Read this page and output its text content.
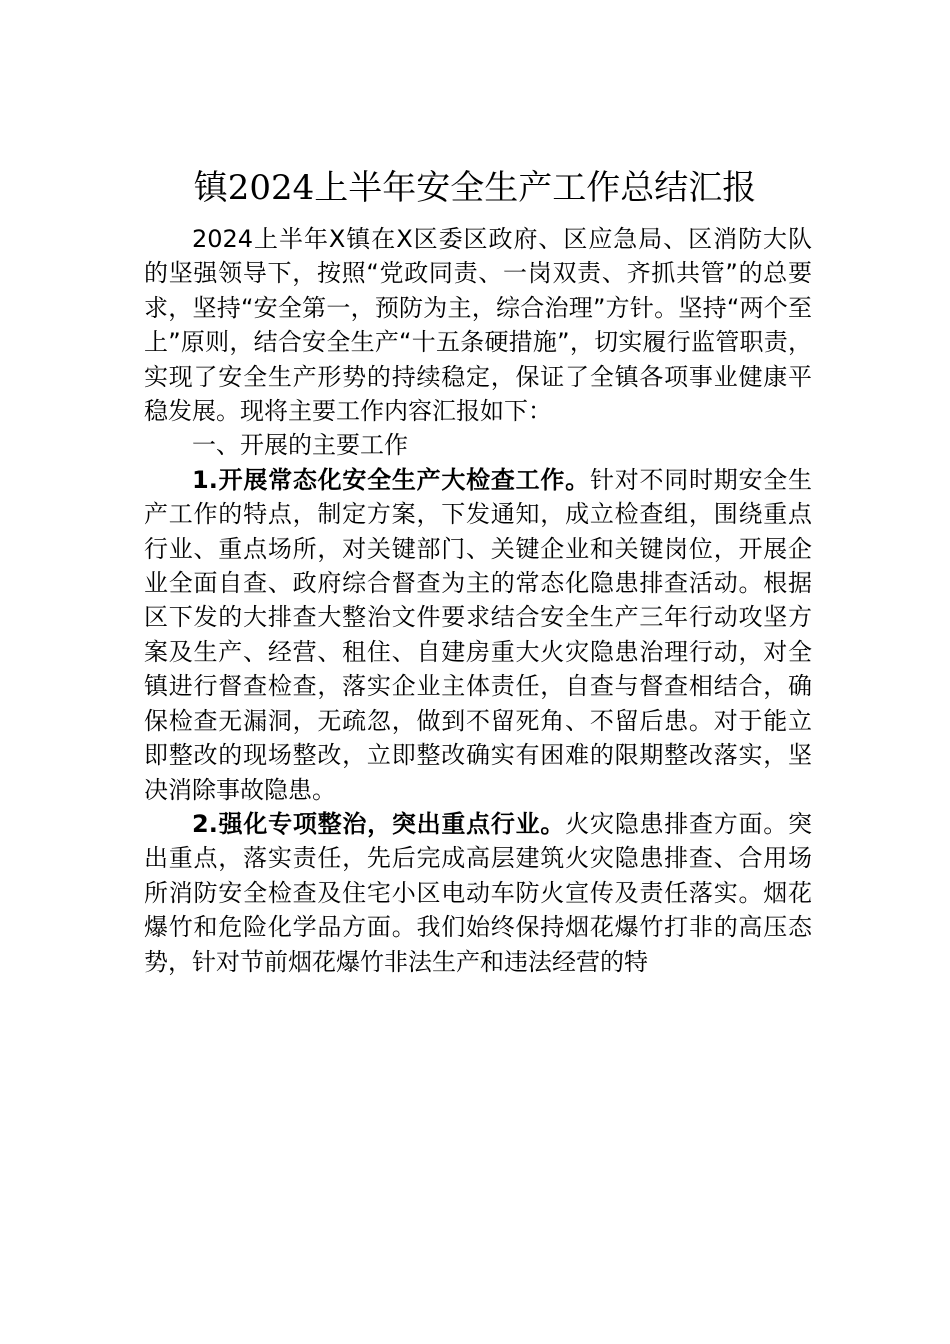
镇2024上半年安全生产工作总结汇报

2024上半年X镇在X区委区政府、区应急局、区消防大队的坚强领导下，按照“党政同责、一岗双责、齐抓共管”的总要求，坚持“安全第一，预防为主，综合治理”方针。坚持“两个至上”原则，结合安全生产“十五条硬措施”，切实履行监管职责，实现了安全生产形势的持续稳定，保证了全镇各项事业健康平稳发展。现将主要工作内容汇报如下：

一、开展的主要工作

1.开展常态化安全生产大检查工作。针对不同时期安全生产工作的特点，制定方案，下发通知，成立检查组，围绕重点行业、重点场所，对关键部门、关键企业和关键岗位，开展企业全面自查、政府综合督查为主的常态化隐患排查活动。根据区下发的大排查大整治文件要求结合安全生产三年行动攻坚方案及生产、经营、租住、自建房重大火灾隐患治理行动，对全镇进行督查检查，落实企业主体责任，自查与督查相结合，确保检查无漏洞，无疏忽，做到不留死角、不留后患。对于能立即整改的现场整改，立即整改确实有困难的限期整改落实，坚决消除事故隐患。

2.强化专项整治，突出重点行业。火灾隐患排查方面。突出重点，落实责任，先后完成高层建筑火灾隐患排查、合用场所消防安全检查及住宅小区电动车防火宣传及责任落实。烟花爆竹和危险化学品方面。我们始终保持烟花爆竹打非的高压态势，针对节前烟花爆竹非法生产和违法经营的特
